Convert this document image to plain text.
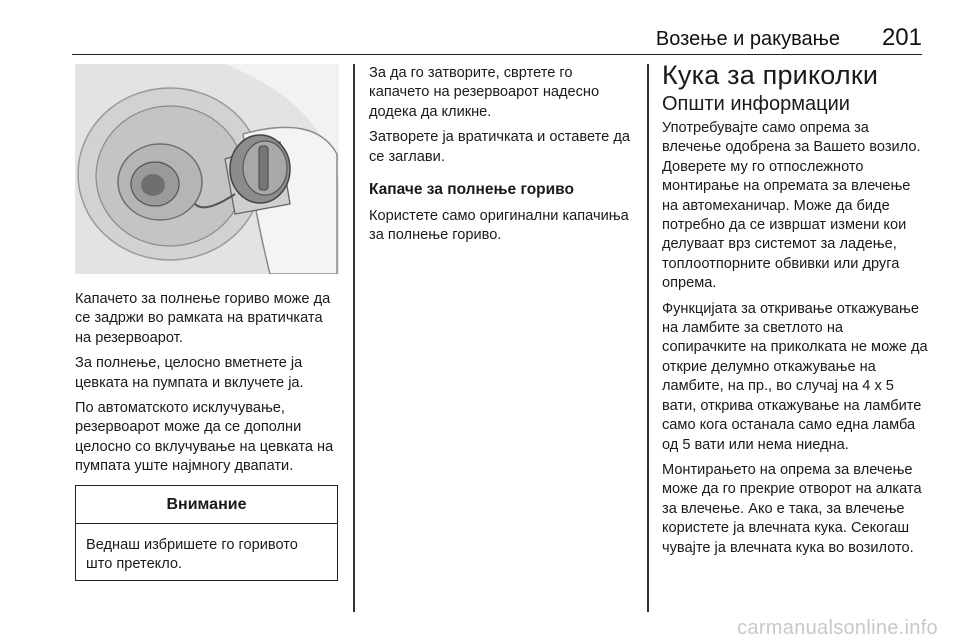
Возење и ракување 201

Капачето за полнење гориво може да се задржи во рамката на вратичката на резервоарот.

За полнење, целосно вметнете ја цевката на пумпата и вклучете ја.

По автоматското исклучување, резервоарот може да се дополни целосно со вклучување на цевката на пумпата уште најмногу двапати.

Внимание

Веднаш избришете го горивото што претекло.

За да го затворите, свртете го капачето на резервоарот надесно додека да кликне.

Затворете ја вратичката и оставете да се заглави.

Капаче за полнење гориво

Користете само оригинални капачиња за полнење гориво.

Кука за приколки
Општи информации

Употребувајте само опрема за влечење одобрена за Вашето возило. Доверете му го отпослежното монтирање на опремата за влечење на автомеханичар. Може да биде потребно да се извршат измени кои делуваат врз системот за ладење, топлоотпорните обвивки или друга опрема.

Функцијата за откривање откажување на ламбите за светлото на сопирачките на приколката не може да открие делумно откажување на ламбите, на пр., во случај на 4 x 5 вати, открива откажување на ламбите само кога останала само една ламба од 5 вати или нема ниедна.

Монтирањето на опрема за влечење може да го прекрие отворот на алката за влечење. Ако е така, за влечење користете ја влечната кука. Секогаш чувајте ја влечната кука во возилото.

carmanualsonline.info
